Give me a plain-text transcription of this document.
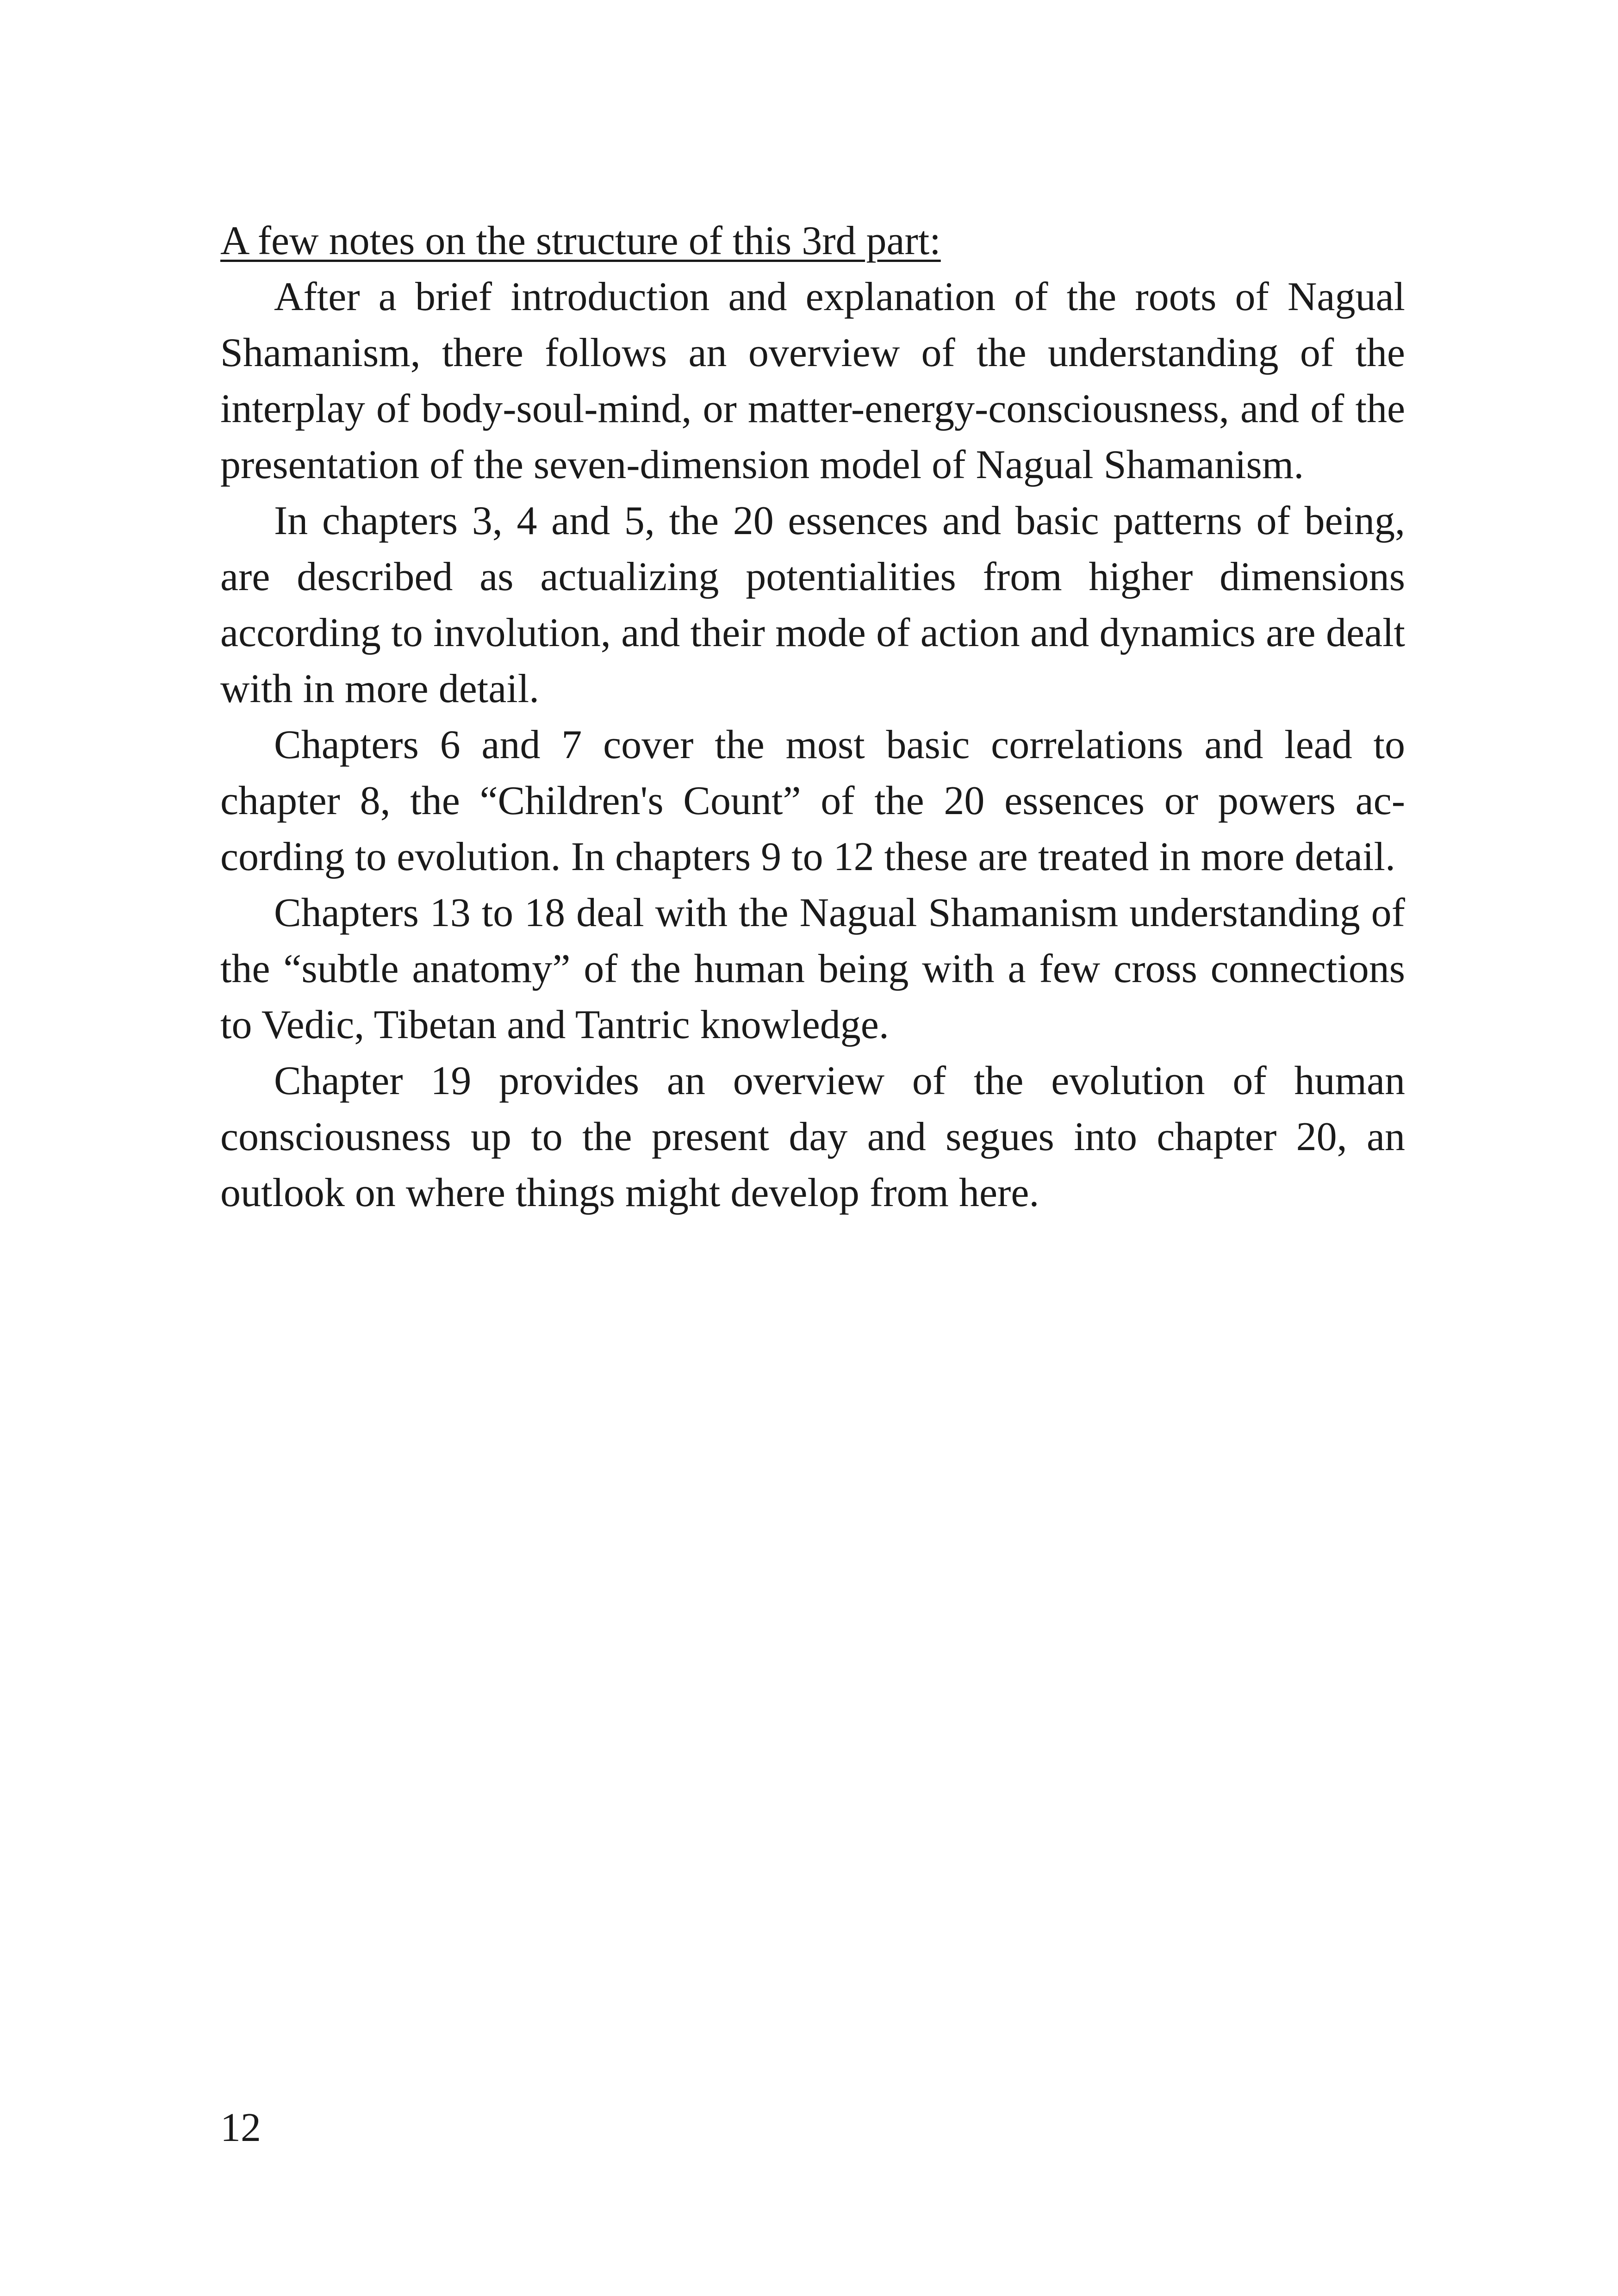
A few notes on the structure of this 3rd part:

After a brief introduction and explanation of the roots of Nagual Shamanism, there follows an overview of the understanding of the interplay of body-soul-mind, or matter-energy-consciousness, and of the presentation of the seven-dimension model of Nagual Shamanism.

In chapters 3, 4 and 5, the 20 essences and basic patterns of being, are described as actualizing potentialities from higher dimensions according to involution, and their mode of action and dynamics are dealt with in more detail.

Chapters 6 and 7 cover the most basic correlations and lead to chapter 8, the “Children's Count” of the 20 essences or powers according to evolution. In chapters 9 to 12 these are treated in more detail.

Chapters 13 to 18 deal with the Nagual Shamanism understanding of the “subtle anatomy” of the human being with a few cross connections to Vedic, Tibetan and Tantric knowledge.

Chapter 19 provides an overview of the evolution of human consciousness up to the present day and segues into chapter 20, an outlook on where things might develop from here.

12
